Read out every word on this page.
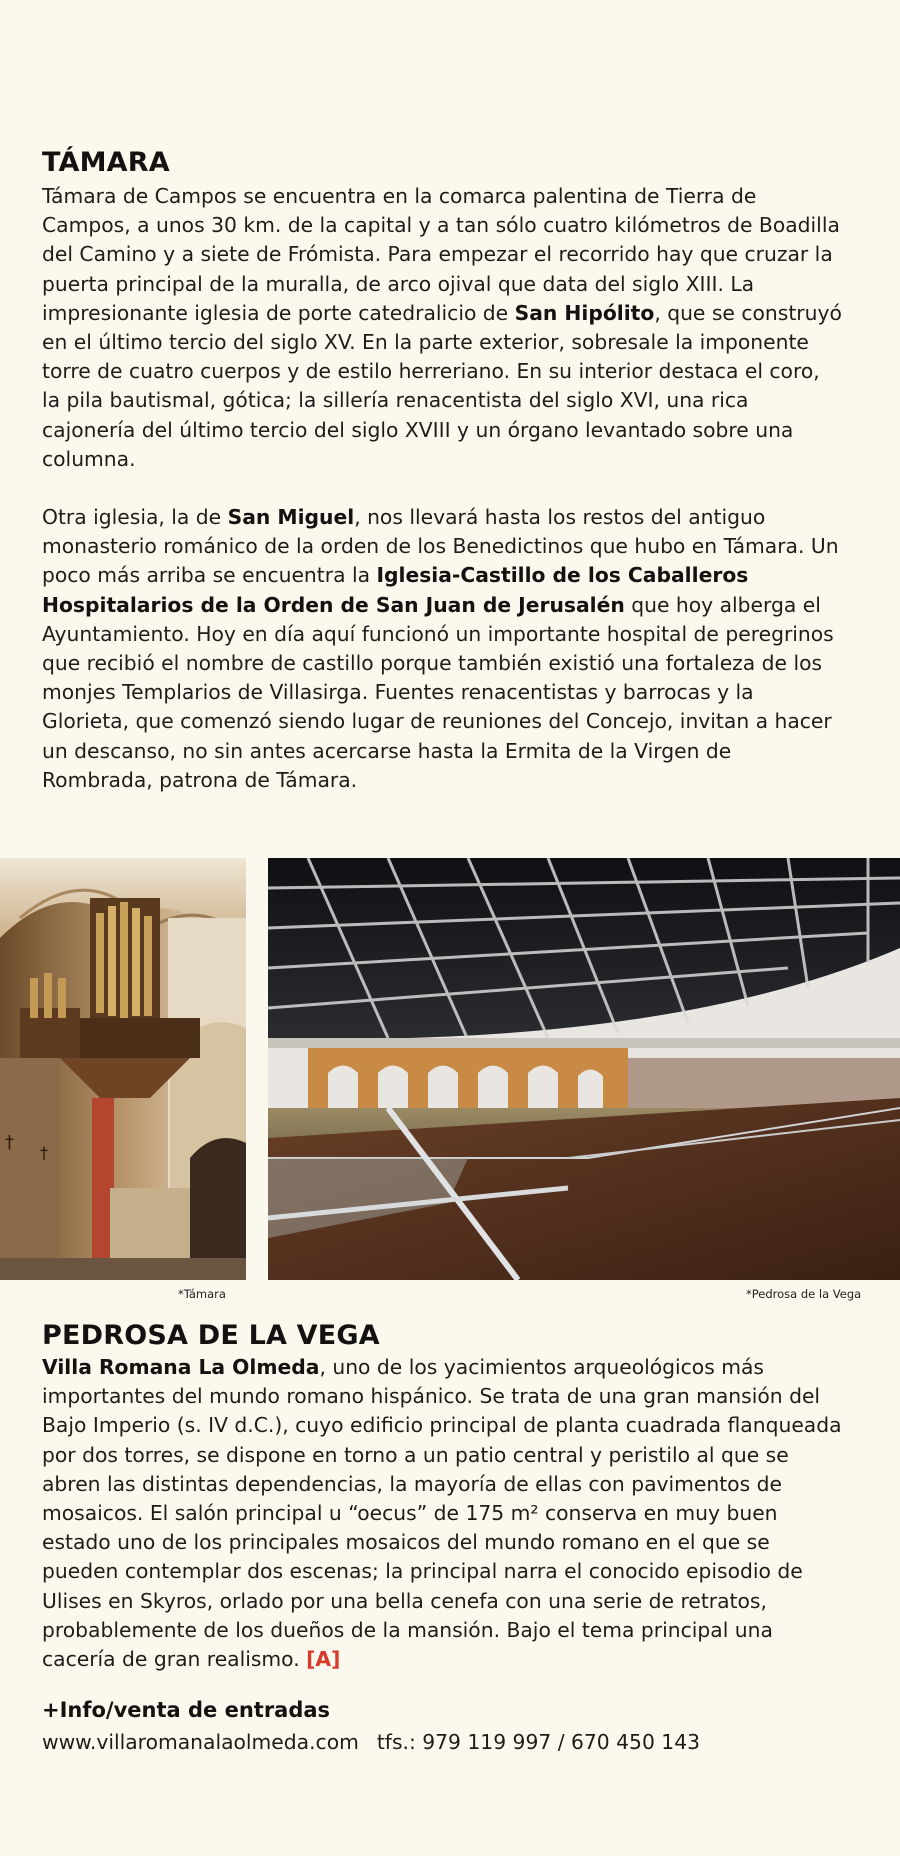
TÁMARA

Támara de Campos se encuentra en la comarca palentina de Tierra de Campos, a unos 30 km. de la capital y a tan sólo cuatro kilómetros de Boadilla del Camino y a siete de Frómista. Para empezar el recorrido hay que cruzar la puerta principal de la muralla, de arco ojival que data del siglo XIII. La impresionante iglesia de porte catedralicio de San Hipólito, que se construyó en el último tercio del siglo XV. En la parte exterior, sobresale la imponente torre de cuatro cuerpos y de estilo herreriano. En su interior destaca el coro, la pila bautismal, gótica; la sillería renacentista del siglo XVI, una rica cajonería del último tercio del siglo XVIII y un órgano levantado sobre una columna.

Otra iglesia, la de San Miguel, nos llevará hasta los restos del antiguo monasterio románico de la orden de los Benedictinos que hubo en Támara. Un poco más arriba se encuentra la Iglesia-Castillo de los Caballeros Hospitalarios de la Orden de San Juan de Jerusalén que hoy alberga el Ayuntamiento. Hoy en día aquí funcionó un importante hospital de peregrinos que recibió el nombre de castillo porque también existió una fortaleza de los monjes Templarios de Villasirga. Fuentes renacentistas y barrocas y la Glorieta, que comenzó siendo lugar de reuniones del Concejo, invitan a hacer un descanso, no sin antes acercarse hasta la Ermita de la Virgen de Rombrada, patrona de Támara.

† †
*Támara	*Pedrosa de la Vega
PEDROSA DE LA VEGA

Villa Romana La Olmeda, uno de los yacimientos arqueológicos más importantes del mundo romano hispánico. Se trata de una gran mansión del Bajo Imperio (s. IV d.C.), cuyo edificio principal de planta cuadrada flanqueada por dos torres, se dispone en torno a un patio central y peristilo al que se abren las distintas dependencias, la mayoría de ellas con pavimentos de mosaicos. El salón principal u “oecus” de 175 m² conserva en muy buen estado uno de los principales mosaicos del mundo romano en el que se pueden contemplar dos escenas; la principal narra el conocido episodio de Ulises en Skyros, orlado por una bella cenefa con una serie de retratos, probablemente de los dueños de la mansión. Bajo el tema principal una cacería de gran realismo. [A]

+Info/venta de entradas

www.villaromanalaolmeda.com tfs.: 979 119 997 / 670 450 143
